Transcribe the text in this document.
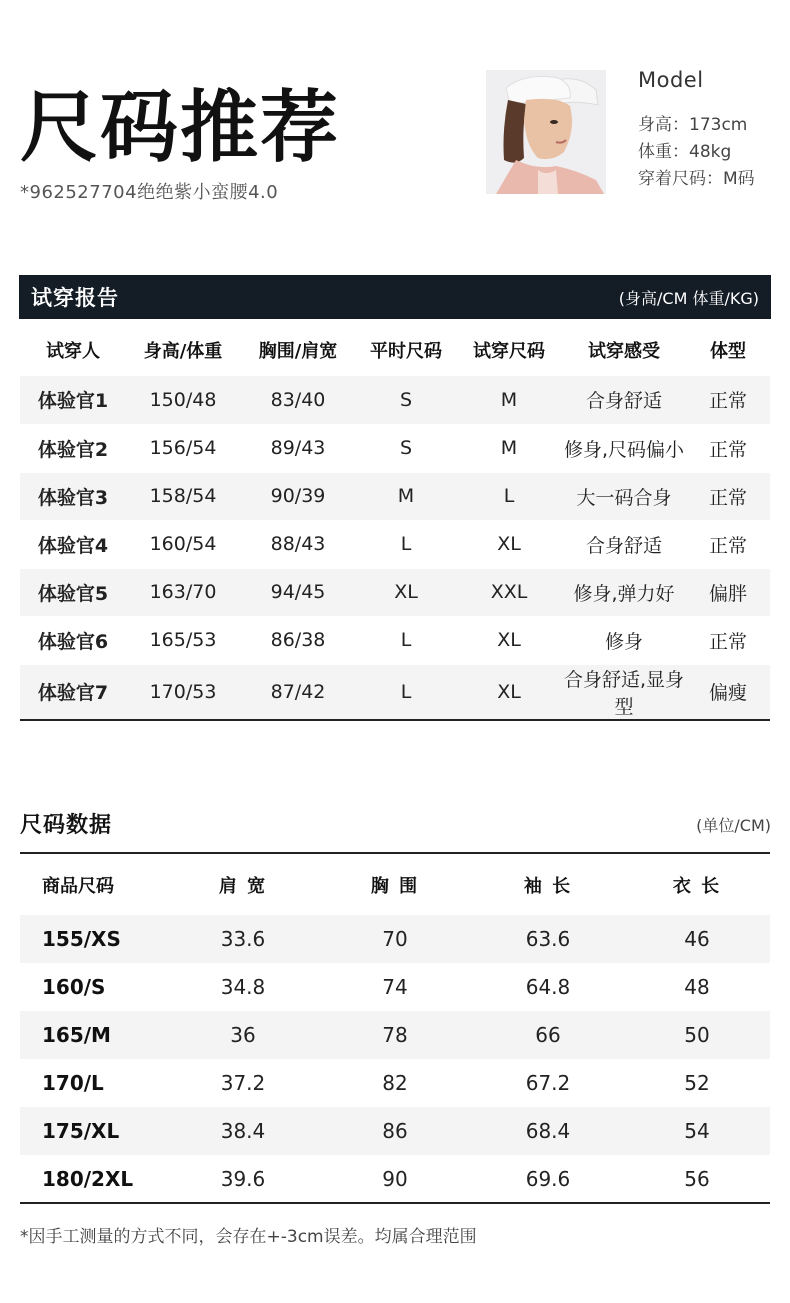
尺码推荐
*962527704绝绝紫小蛮腰4.0
Model
身高：173cm
体重：48kg
穿着尺码：M码
试穿报告	(身高/CM 体重/KG)
试穿人	身高/体重	胸围/肩宽	平时尺码	试穿尺码	试穿感受	体型
体验官1	150/48	83/40	S	M	合身舒适	正常
体验官2	156/54	89/43	S	M	修身,尺码偏小	正常
体验官3	158/54	90/39	M	L	大一码合身	正常
体验官4	160/54	88/43	L	XL	合身舒适	正常
体验官5	163/70	94/45	XL	XXL	修身,弹力好	偏胖
体验官6	165/53	86/38	L	XL	修身	正常
体验官7	170/53	87/42	L	XL	合身舒适,显身型	偏瘦
尺码数据	(单位/CM)
商品尺码	肩 宽	胸 围	袖 长	衣 长
155/XS	33.6	70	63.6	46
160/S	34.8	74	64.8	48
165/M	36	78	66	50
170/L	37.2	82	67.2	52
175/XL	38.4	86	68.4	54
180/2XL	39.6	90	69.6	56
*因手工测量的方式不同，会存在+-3cm误差。均属合理范围
